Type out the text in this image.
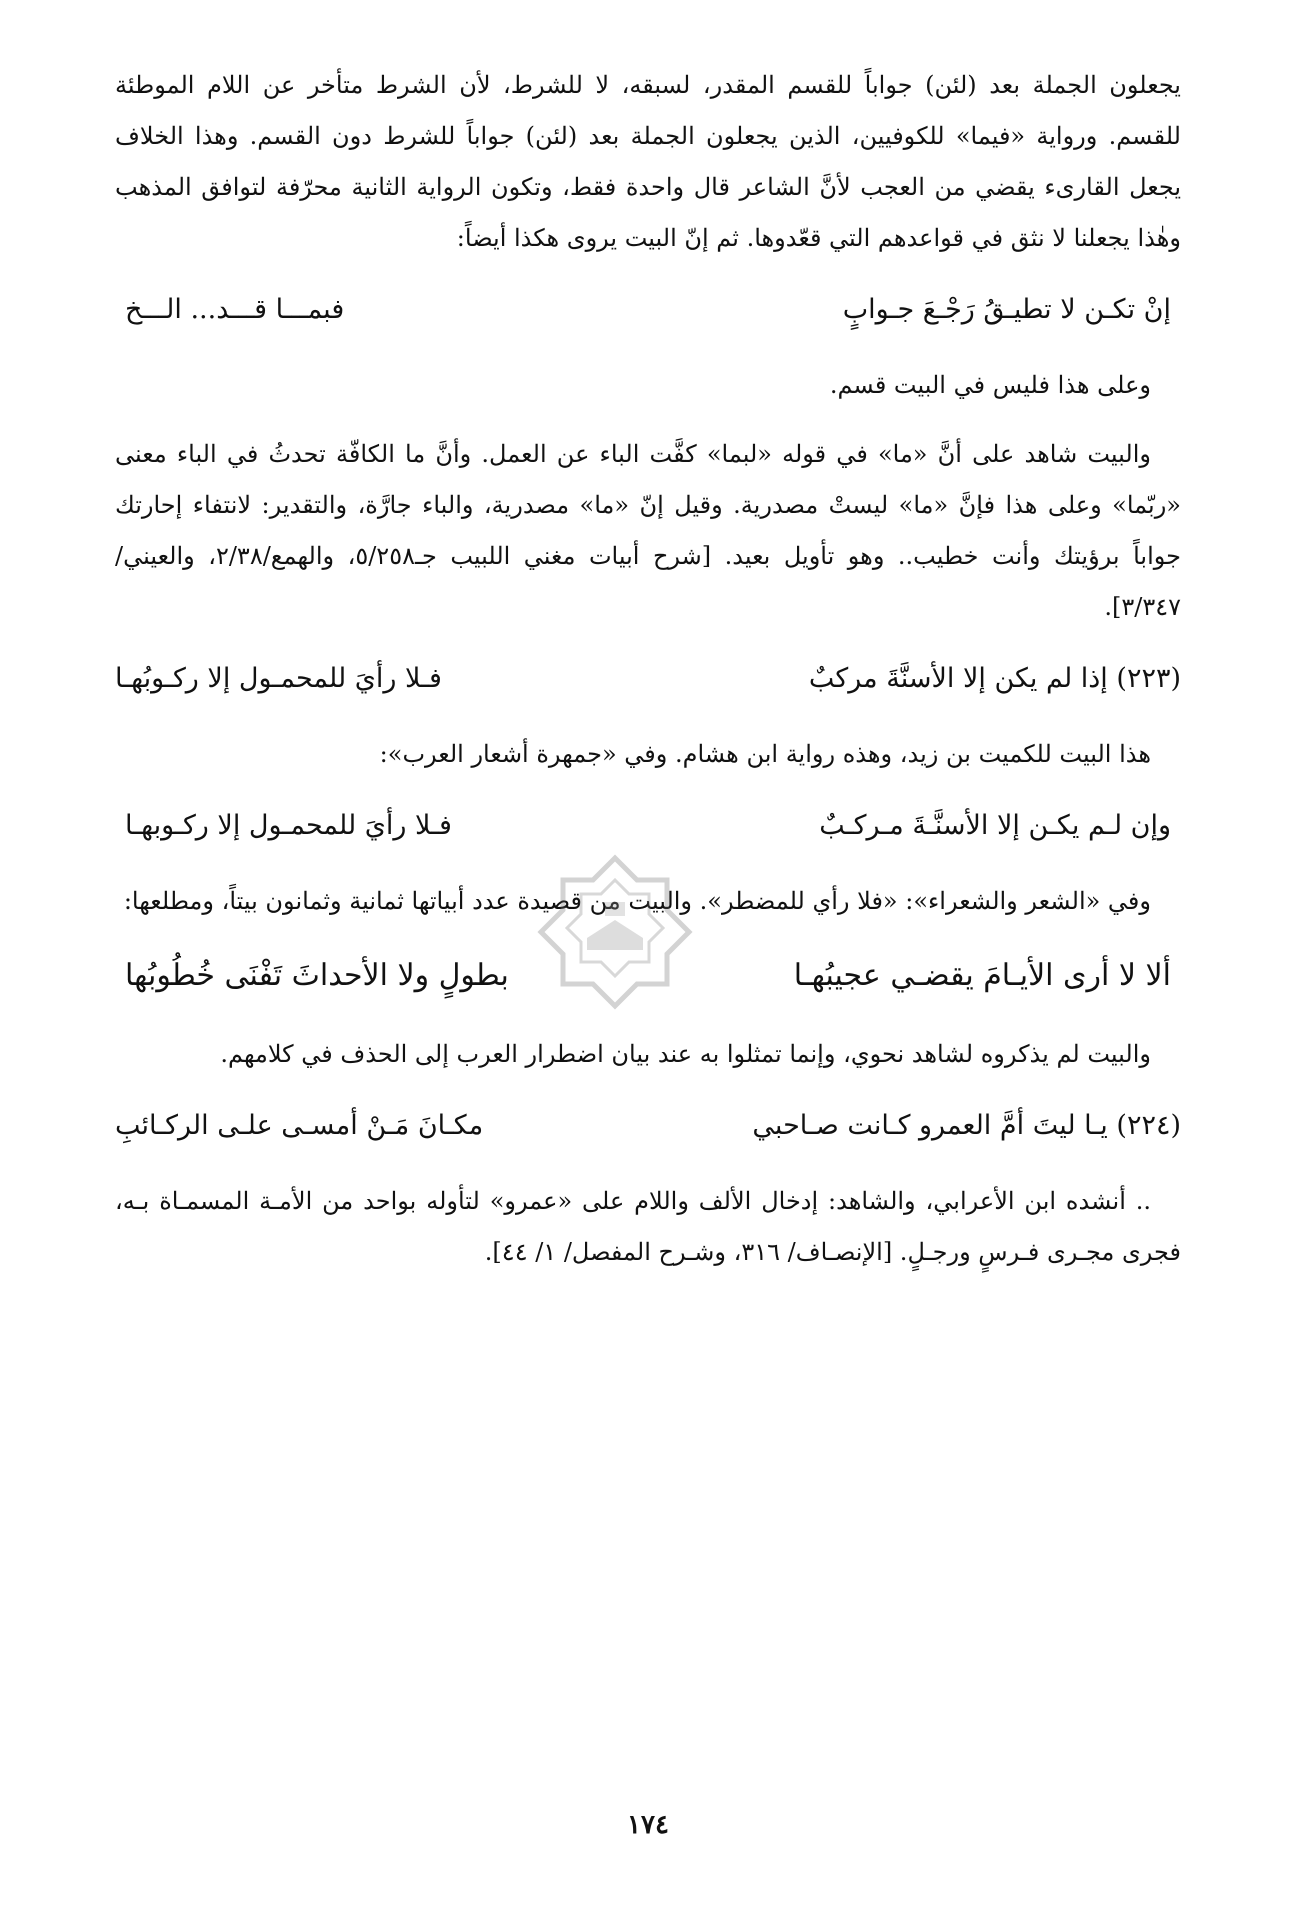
يجعلون الجملة بعد (لئن) جواباً للقسم المقدر، لسبقه، لا للشرط، لأن الشرط متأخر عن اللام الموطئة للقسم. ورواية «فيما» للكوفيين، الذين يجعلون الجملة بعد (لئن) جواباً للشرط دون القسم. وهذا الخلاف يجعل القارىء يقضي من العجب لأنَّ الشاعر قال واحدة فقط، وتكون الرواية الثانية محرّفة لتوافق المذهب وهٰذا يجعلنا لا نثق في قواعدهم التي قعّدوها. ثم إنّ البيت يروى هكذا أيضاً:

إنْ تكـن لا تطيـقُ رَجْـعَ جـوابٍ
فبمـــا قـــد... الـــخ

وعلى هذا فليس في البيت قسم.

والبيت شاهد على أنَّ «ما» في قوله «لبما» كفَّت الباء عن العمل. وأنَّ ما الكافّة تحدثُ في الباء معنى «ربّما» وعلى هذا فإنَّ «ما» ليستْ مصدرية. وقيل إنّ «ما» مصدرية، والباء جارَّة، والتقدير: لانتفاء إحارتك جواباً برؤيتك وأنت خطيب.. وهو تأويل بعيد. [شرح أبيات مغني اللبيب جـ٥/٢٥٨، والهمع/٢/٣٨، والعيني/٣/٣٤٧].

(٢٢٣) إذا لم يكن إلا الأسنَّةَ مركبٌ
فـلا رأيَ للمحمـول إلا ركـوبُهـا

هذا البيت للكميت بن زيد، وهذه رواية ابن هشام. وفي «جمهرة أشعار العرب»:

وإن لـم يكـن إلا الأسنَّـةَ مـركـبٌ
فـلا رأيَ للمحمـول إلا ركـوبهـا

وفي «الشعر والشعراء»: «فلا رأي للمضطر». والبيت من قصيدة عدد أبياتها ثمانية وثمانون بيتاً، ومطلعها:

ألا لا أرى الأيـامَ يقضـي عجيبُهـا
بطولٍ ولا الأحداثَ تَفْنَى خُطُوبُها

والبيت لم يذكروه لشاهد نحوي، وإنما تمثلوا به عند بيان اضطرار العرب إلى الحذف في كلامهم.

(٢٢٤) يـا ليتَ أمَّ العمرو كـانت صـاحبي
مكـانَ مَـنْ أمسـى علـى الركـائبِ

.. أنشده ابن الأعرابي، والشاهد: إدخال الألف واللام على «عمرو» لتأوله بواحد من الأمـة المسمـاة بـه، فجرى مجـرى فـرسٍ ورجـلٍ. [الإنصـاف/ ٣١٦، وشـرح المفصل/ ١/ ٤٤].

١٧٤
